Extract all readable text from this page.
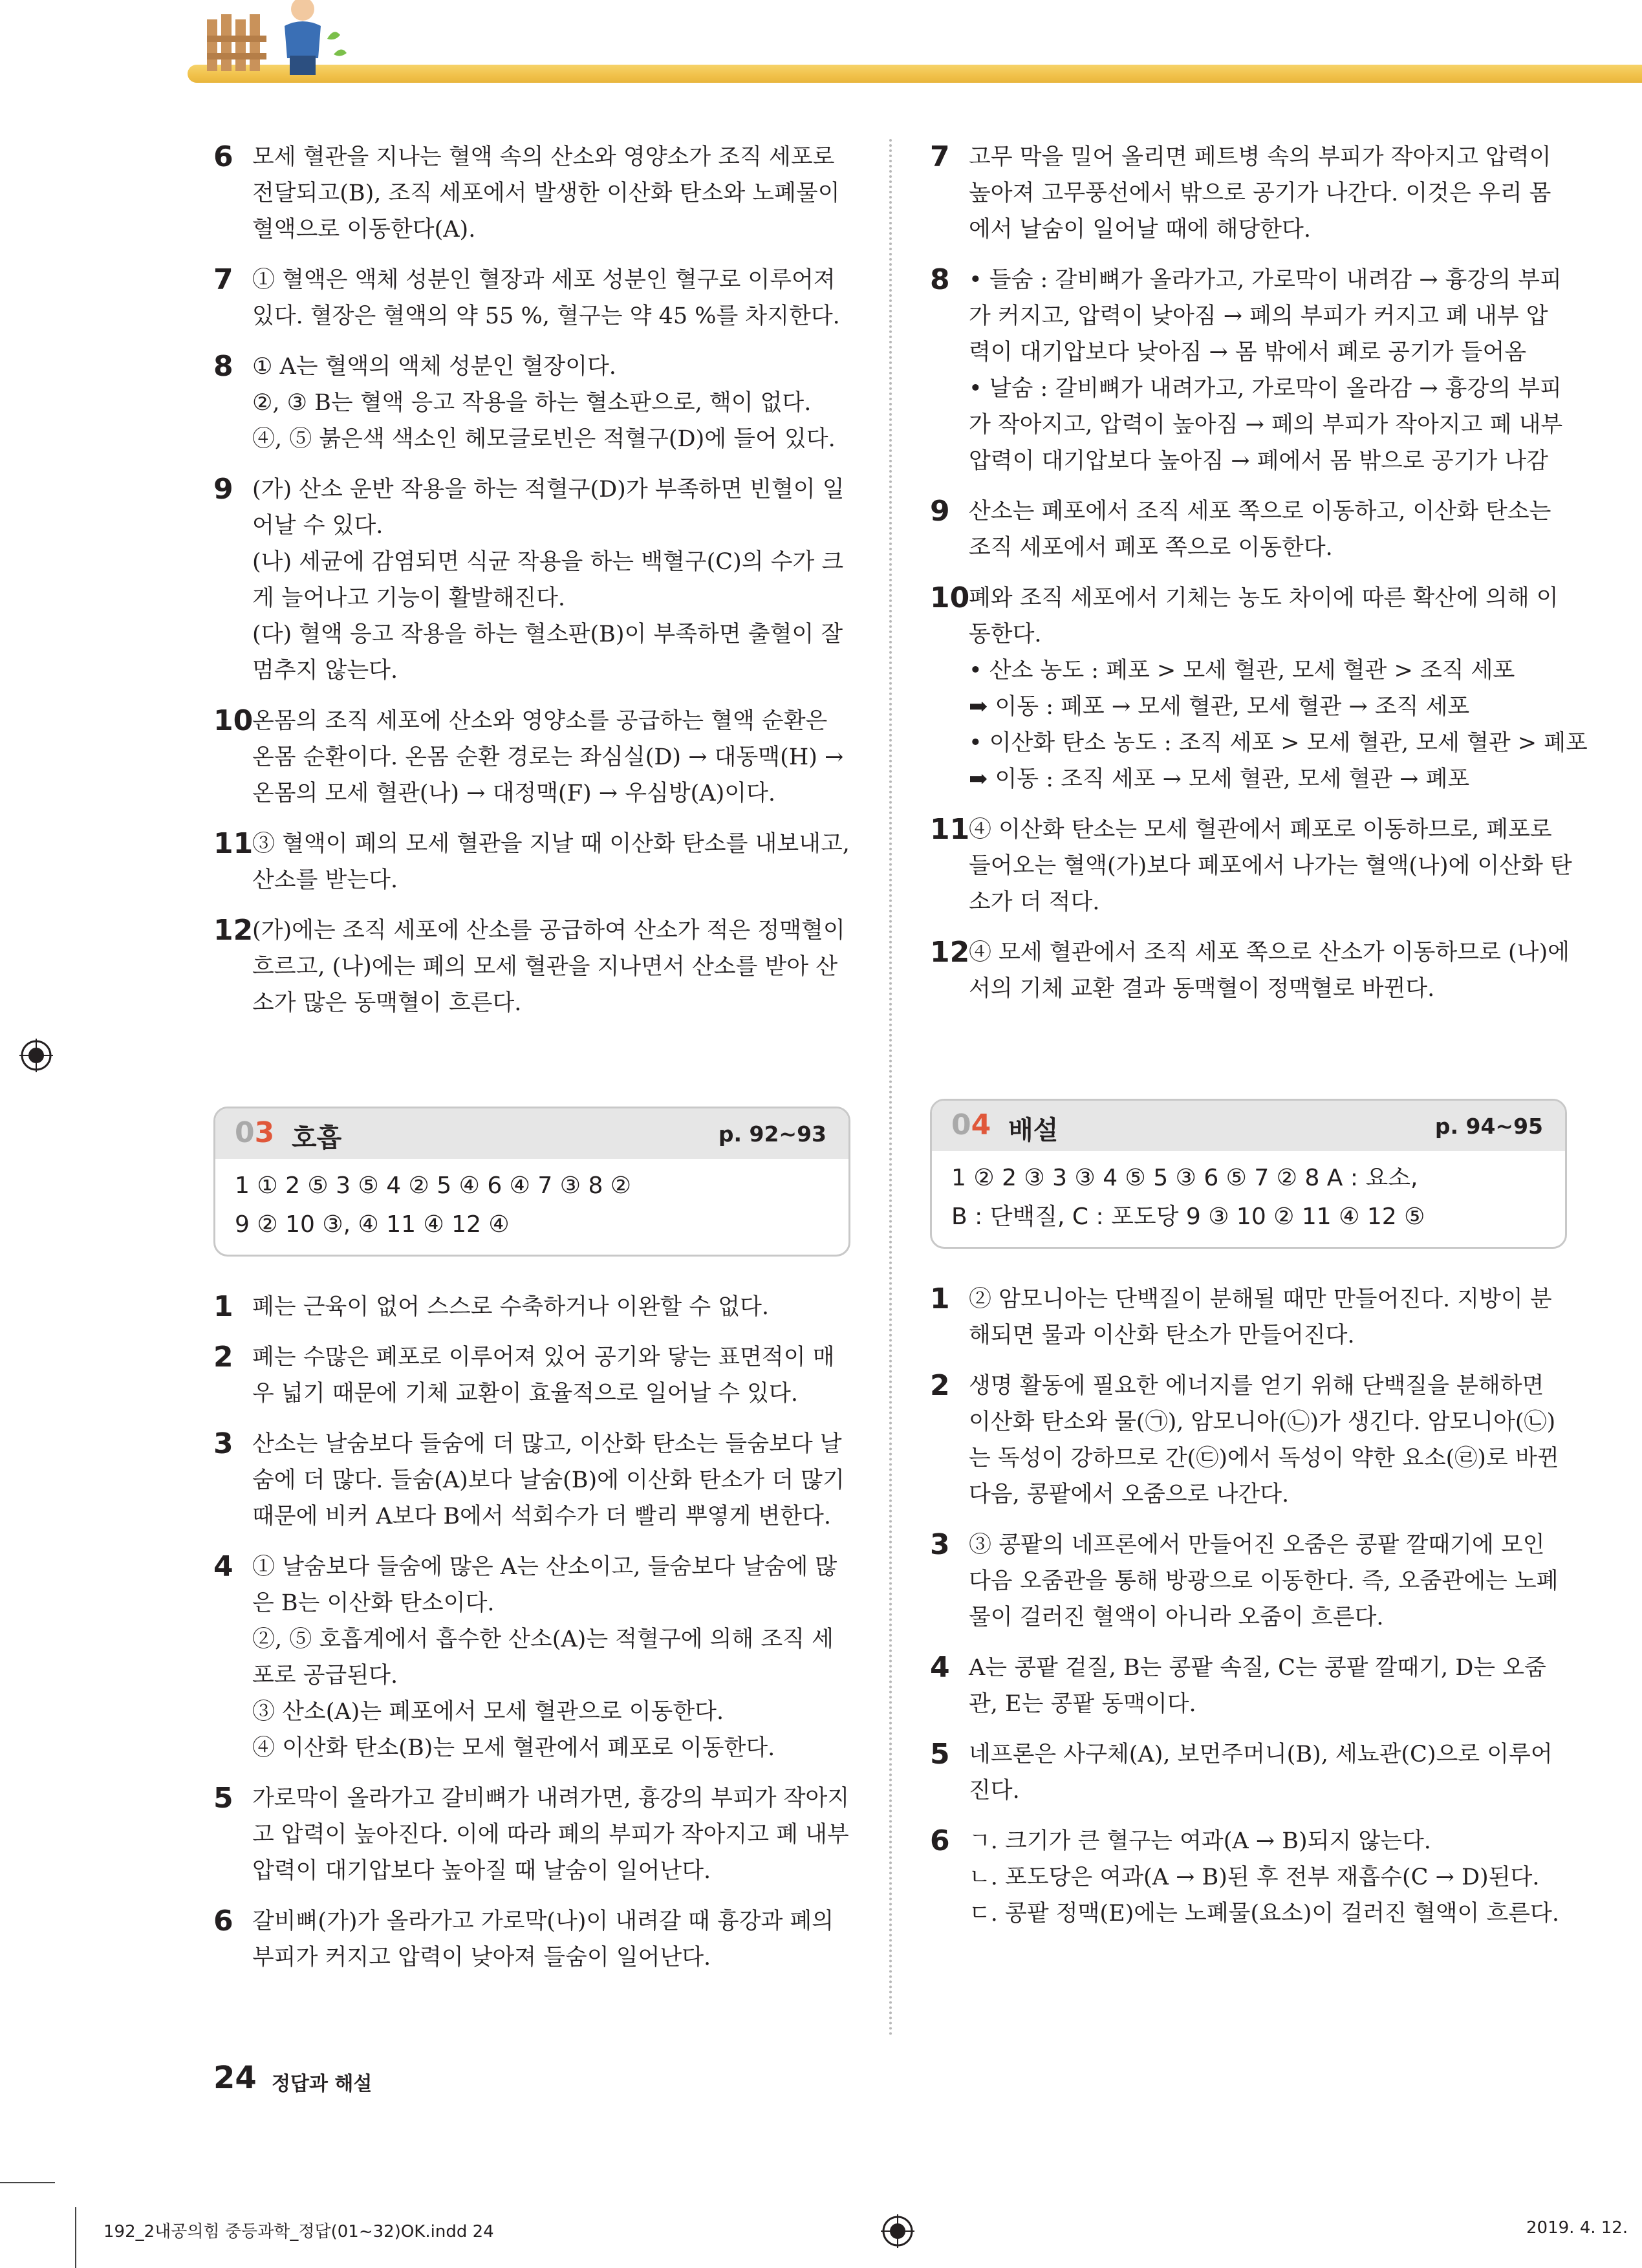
6 모세 혈관을 지나는 혈액 속의 산소와 영양소가 조직 세포로
전달되고(B), 조직 세포에서 발생한 이산화 탄소와 노폐물이
혈액으로 이동한다(A).
7 ① 혈액은 액체 성분인 혈장과 세포 성분인 혈구로 이루어져
있다. 혈장은 혈액의 약 55 %, 혈구는 약 45 %를 차지한다.
8 ① A는 혈액의 액체 성분인 혈장이다.
②, ③ B는 혈액 응고 작용을 하는 혈소판으로, 핵이 없다.
④, ⑤ 붉은색 색소인 헤모글로빈은 적혈구(D)에 들어 있다.
9 (가) 산소 운반 작용을 하는 적혈구(D)가 부족하면 빈혈이 일
어날 수 있다.
(나) 세균에 감염되면 식균 작용을 하는 백혈구(C)의 수가 크
게 늘어나고 기능이 활발해진다.
(다) 혈액 응고 작용을 하는 혈소판(B)이 부족하면 출혈이 잘
멈추지 않는다.
10
온몸의 조직 세포에 산소와 영양소를 공급하는 혈액 순환은
온몸 순환이다. 온몸 순환 경로는 좌심실(D) → 대동맥(H) →
온몸의 모세 혈관(나) → 대정맥(F) → 우심방(A)이다.
11
③ 혈액이 폐의 모세 혈관을 지날 때 이산화 탄소를 내보내고,
산소를 받는다.
12
(가)에는 조직 세포에 산소를 공급하여 산소가 적은 정맥혈이
흐르고, (나)에는 폐의 모세 혈관을 지나면서 산소를 받아 산
소가 많은 동맥혈이 흐른다.
03 호흡	p. 92~93
1 ① 2 ⑤ 3 ⑤ 4 ② 5 ④ 6 ④ 7 ③ 8 ②
9 ② 10 ③, ④ 11 ④ 12 ④
1 폐는 근육이 없어 스스로 수축하거나 이완할 수 없다.
2 폐는 수많은 폐포로 이루어져 있어 공기와 닿는 표면적이 매
우 넓기 때문에 기체 교환이 효율적으로 일어날 수 있다.
3 산소는 날숨보다 들숨에 더 많고, 이산화 탄소는 들숨보다 날
숨에 더 많다. 들숨(A)보다 날숨(B)에 이산화 탄소가 더 많기
때문에 비커 A보다 B에서 석회수가 더 빨리 뿌옇게 변한다.
4 ① 날숨보다 들숨에 많은 A는 산소이고, 들숨보다 날숨에 많
은 B는 이산화 탄소이다.
②, ⑤ 호흡계에서 흡수한 산소(A)는 적혈구에 의해 조직 세
포로 공급된다.
③ 산소(A)는 폐포에서 모세 혈관으로 이동한다.
④ 이산화 탄소(B)는 모세 혈관에서 폐포로 이동한다.
5 가로막이 올라가고 갈비뼈가 내려가면, 흉강의 부피가 작아지
고 압력이 높아진다. 이에 따라 폐의 부피가 작아지고 폐 내부
압력이 대기압보다 높아질 때 날숨이 일어난다.
6 갈비뼈(가)가 올라가고 가로막(나)이 내려갈 때 흉강과 폐의
부피가 커지고 압력이 낮아져 들숨이 일어난다.
7 고무 막을 밀어 올리면 페트병 속의 부피가 작아지고 압력이
높아져 고무풍선에서 밖으로 공기가 나간다. 이것은 우리 몸
에서 날숨이 일어날 때에 해당한다.
8 • 들숨 : 갈비뼈가 올라가고, 가로막이 내려감 → 흉강의 부피
가 커지고, 압력이 낮아짐 → 폐의 부피가 커지고 폐 내부 압
력이 대기압보다 낮아짐 → 몸 밖에서 폐로 공기가 들어옴
• 날숨 : 갈비뼈가 내려가고, 가로막이 올라감 → 흉강의 부피
가 작아지고, 압력이 높아짐 → 폐의 부피가 작아지고 폐 내부
압력이 대기압보다 높아짐 → 폐에서 몸 밖으로 공기가 나감
9 산소는 폐포에서 조직 세포 쪽으로 이동하고, 이산화 탄소는
조직 세포에서 폐포 쪽으로 이동한다.
10
폐와 조직 세포에서 기체는 농도 차이에 따른 확산에 의해 이
동한다.
• 산소 농도 : 폐포 > 모세 혈관, 모세 혈관 > 조직 세포
➡ 이동 : 폐포 → 모세 혈관, 모세 혈관 → 조직 세포
• 이산화 탄소 농도 : 조직 세포 > 모세 혈관, 모세 혈관 > 폐포
➡ 이동 : 조직 세포 → 모세 혈관, 모세 혈관 → 폐포
11
④ 이산화 탄소는 모세 혈관에서 폐포로 이동하므로, 폐포로
들어오는 혈액(가)보다 폐포에서 나가는 혈액(나)에 이산화 탄
소가 더 적다.
12
④ 모세 혈관에서 조직 세포 쪽으로 산소가 이동하므로 (나)에
서의 기체 교환 결과 동맥혈이 정맥혈로 바뀐다.
04 배설	p. 94~95
1 ② 2 ③ 3 ③ 4 ⑤ 5 ③ 6 ⑤ 7 ② 8 A : 요소,
B : 단백질, C : 포도당 9 ③ 10 ② 11 ④ 12 ⑤
1 ② 암모니아는 단백질이 분해될 때만 만들어진다. 지방이 분
해되면 물과 이산화 탄소가 만들어진다.
2 생명 활동에 필요한 에너지를 얻기 위해 단백질을 분해하면
이산화 탄소와 물(㉠), 암모니아(㉡)가 생긴다. 암모니아(㉡)
는 독성이 강하므로 간(㉢)에서 독성이 약한 요소(㉣)로 바뀐
다음, 콩팥에서 오줌으로 나간다.
3 ③ 콩팥의 네프론에서 만들어진 오줌은 콩팥 깔때기에 모인
다음 오줌관을 통해 방광으로 이동한다. 즉, 오줌관에는 노폐
물이 걸러진 혈액이 아니라 오줌이 흐른다.
4 A는 콩팥 겉질, B는 콩팥 속질, C는 콩팥 깔때기, D는 오줌
관, E는 콩팥 동맥이다.
5 네프론은 사구체(A), 보먼주머니(B), 세뇨관(C)으로 이루어
진다.
6 ㄱ. 크기가 큰 혈구는 여과(A → B)되지 않는다.
ㄴ. 포도당은 여과(A → B)된 후 전부 재흡수(C → D)된다.
ㄷ. 콩팥 정맥(E)에는 노폐물(요소)이 걸러진 혈액이 흐른다.
24 정답과 해설
192_2내공의힘 중등과학_정답(01~32)OK.indd 24	2019. 4. 12.
